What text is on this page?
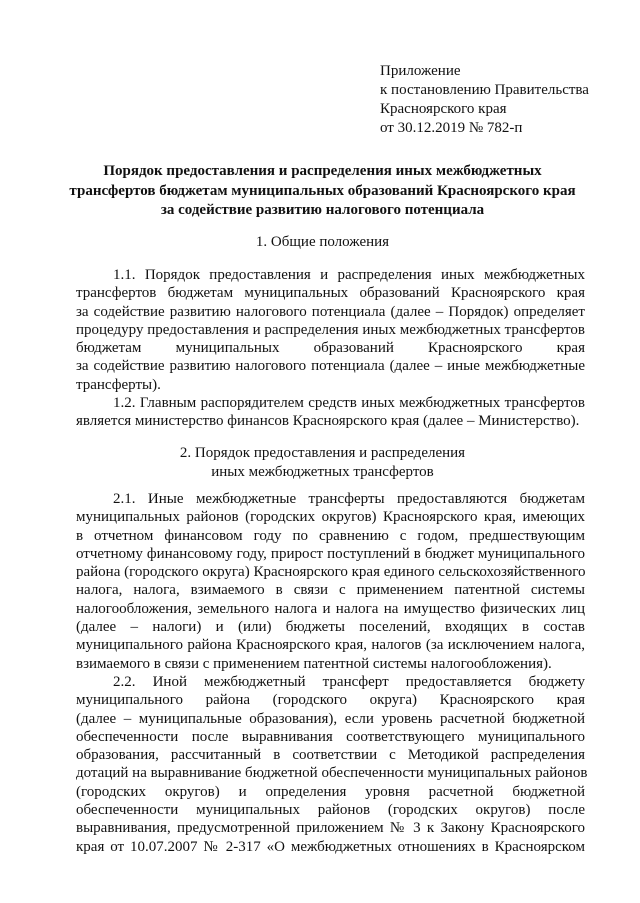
Приложение
к постановлению Правительства
Красноярского края
от 30.12.2019 № 782-п
Порядок предоставления и распределения иных межбюджетных
трансфертов бюджетам муниципальных образований Красноярского края
за содействие развитию налогового потенциала
1. Общие положения
1.1. Порядок предоставления и распределения иных межбюджетных
трансфертов бюджетам муниципальных образований Красноярского края
за содействие развитию налогового потенциала (далее – Порядок) определяет
процедуру предоставления и распределения иных межбюджетных трансфертов
бюджетам муниципальных образований Красноярского края
за содействие развитию налогового потенциала (далее – иные межбюджетные
трансферты).
1.2. Главным распорядителем средств иных межбюджетных трансфертов
является министерство финансов Красноярского края (далее – Министерство).
2. Порядок предоставления и распределения
иных межбюджетных трансфертов
2.1. Иные межбюджетные трансферты предоставляются бюджетам
муниципальных районов (городских округов) Красноярского края, имеющих
в отчетном финансовом году по сравнению с годом, предшествующим
отчетному финансовому году, прирост поступлений в бюджет муниципального
района (городского округа) Красноярского края единого сельскохозяйственного
налога, налога, взимаемого в связи с применением патентной системы
налогообложения, земельного налога и налога на имущество физических лиц
(далее – налоги) и (или) бюджеты поселений, входящих в состав
муниципального района Красноярского края, налогов (за исключением налога,
взимаемого в связи с применением патентной системы налогообложения).
2.2. Иной межбюджетный трансферт предоставляется бюджету
муниципального района (городского округа) Красноярского края
(далее – муниципальные образования), если уровень расчетной бюджетной
обеспеченности после выравнивания соответствующего муниципального
образования, рассчитанный в соответствии с Методикой распределения
дотаций на выравнивание бюджетной обеспеченности муниципальных районов
(городских округов) и определения уровня расчетной бюджетной
обеспеченности муниципальных районов (городских округов) после
выравнивания, предусмотренной приложением № 3 к Закону Красноярского
края от 10.07.2007 № 2-317 «О межбюджетных отношениях в Красноярском
